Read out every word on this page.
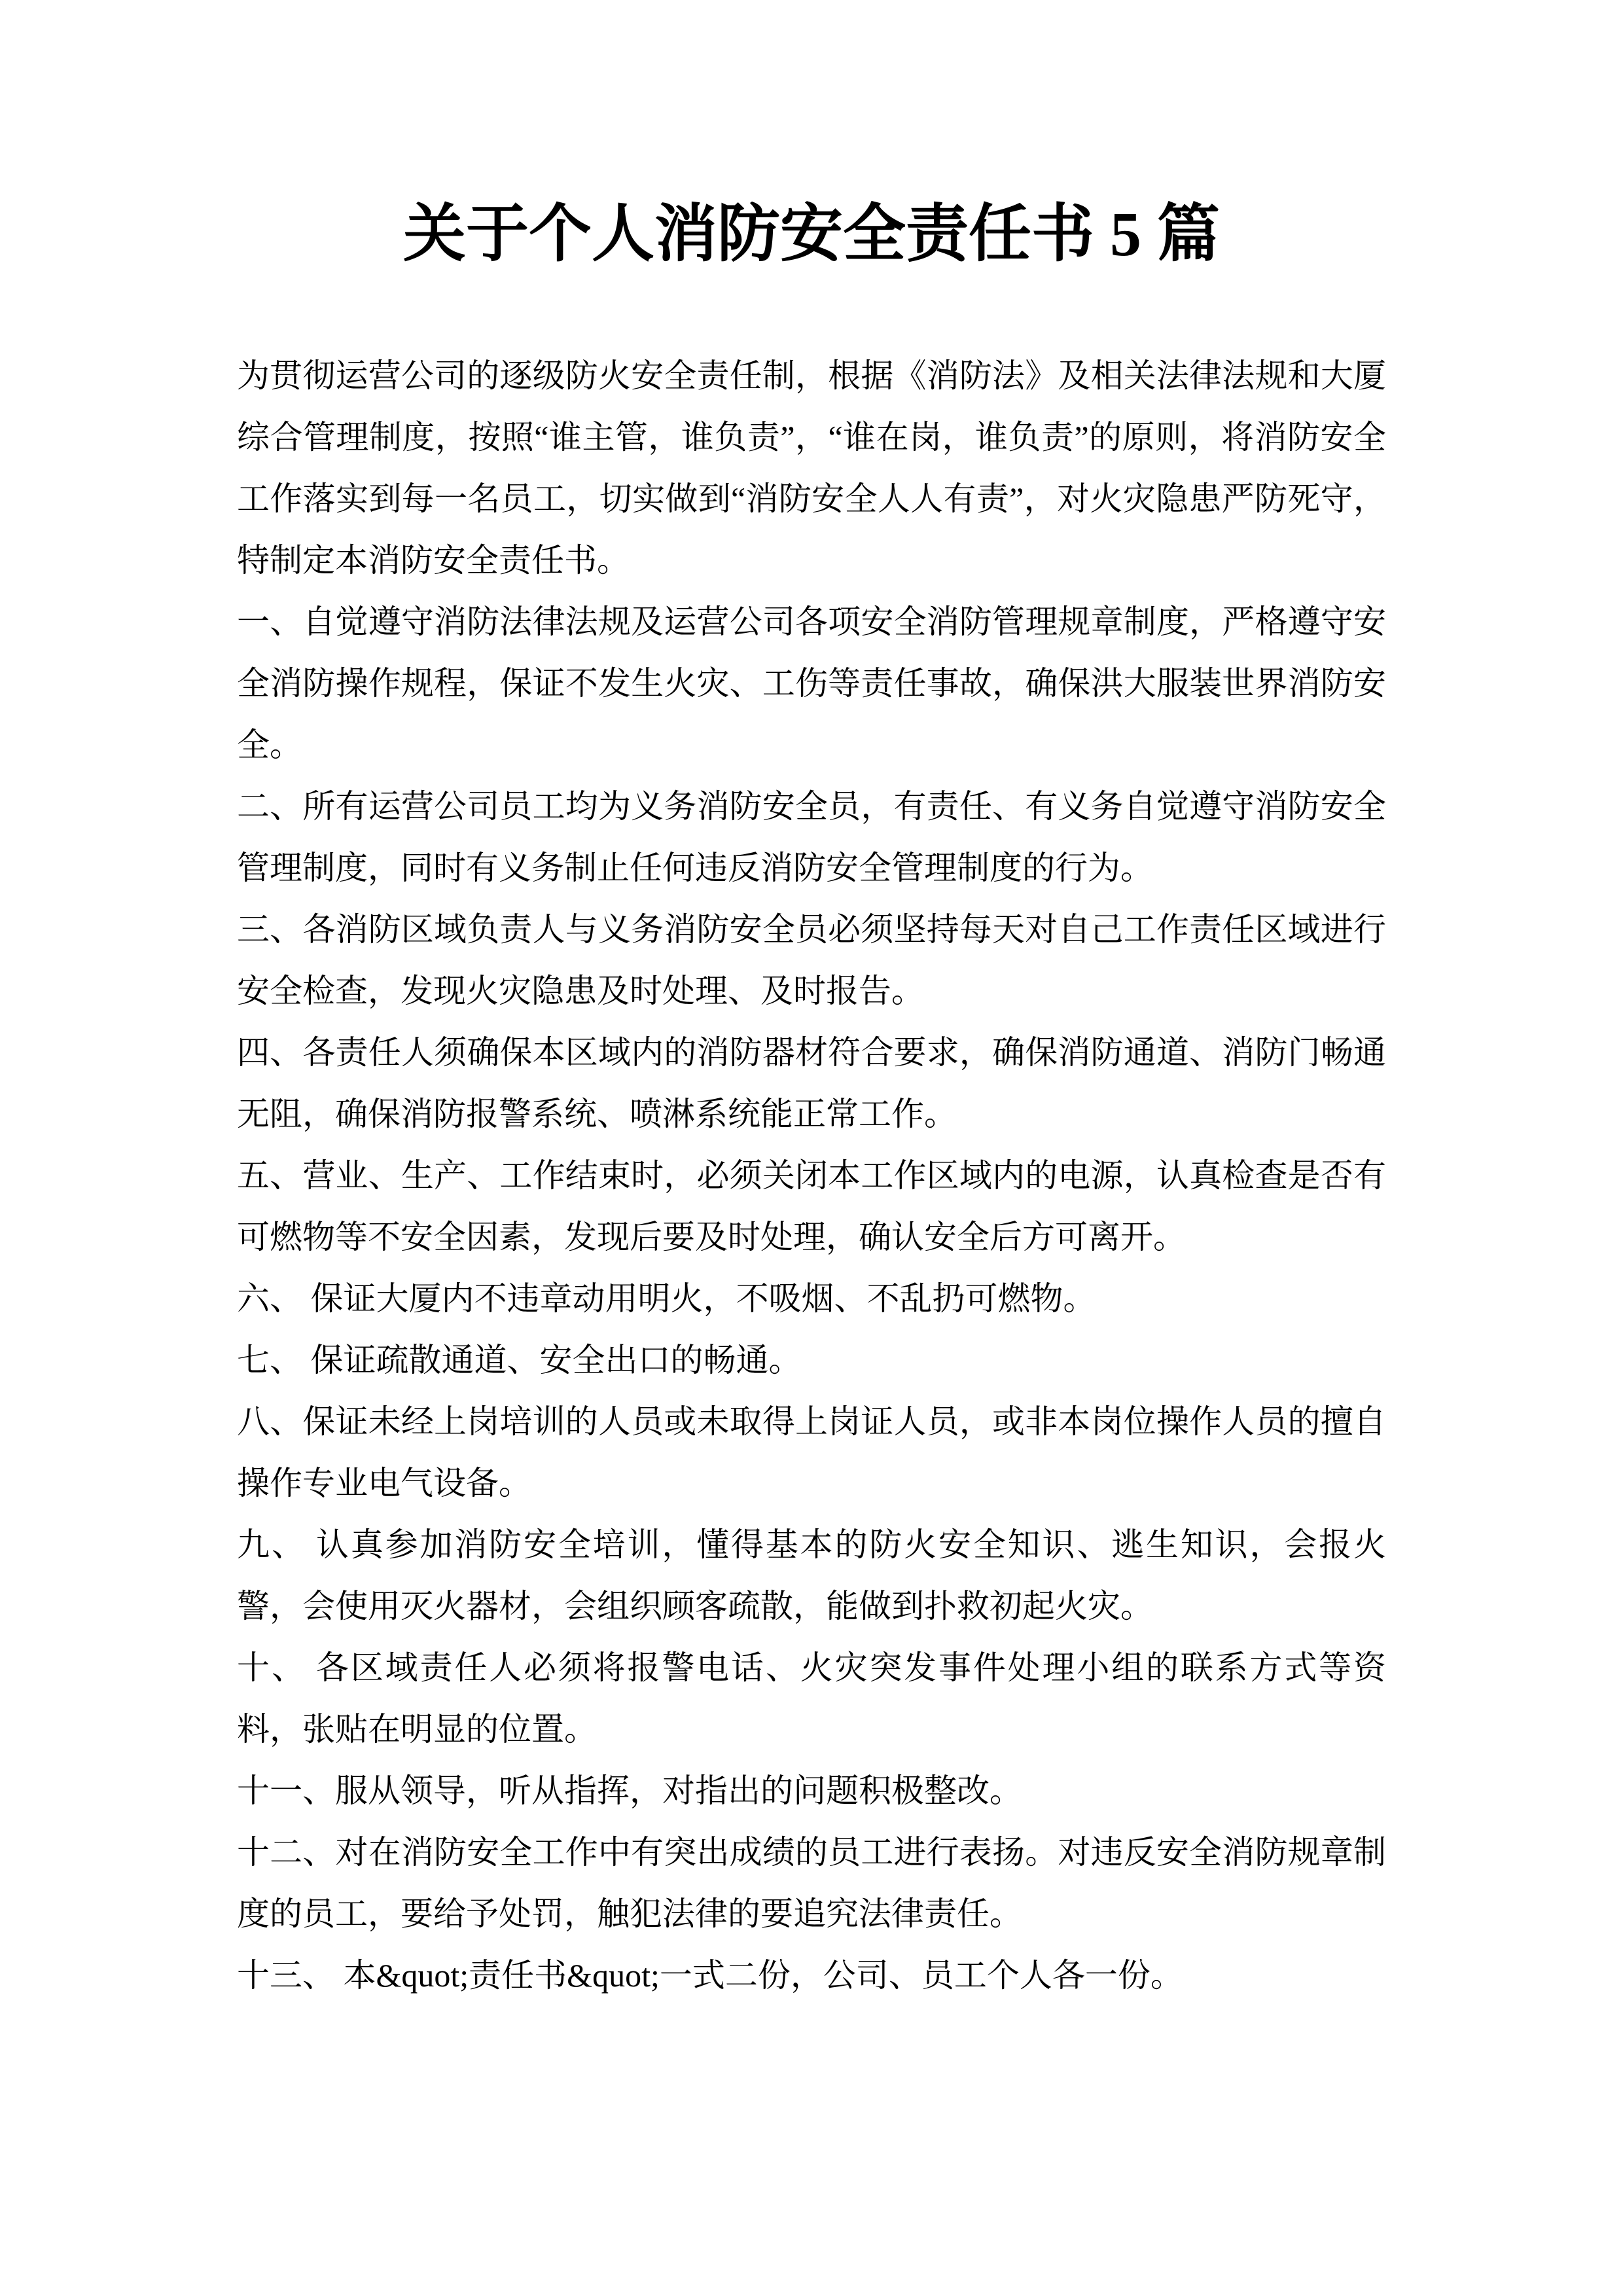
关于个人消防安全责任书 5 篇

为贯彻运营公司的逐级防火安全责任制，根据《消防法》及相关法律法规和大厦综合管理制度，按照“谁主管，谁负责”，“谁在岗，谁负责”的原则，将消防安全工作落实到每一名员工，切实做到“消防安全人人有责”，对火灾隐患严防死守，特制定本消防安全责任书。

一、自觉遵守消防法律法规及运营公司各项安全消防管理规章制度，严格遵守安全消防操作规程，保证不发生火灾、工伤等责任事故，确保洪大服装世界消防安全。

二、所有运营公司员工均为义务消防安全员，有责任、有义务自觉遵守消防安全管理制度，同时有义务制止任何违反消防安全管理制度的行为。

三、各消防区域负责人与义务消防安全员必须坚持每天对自己工作责任区域进行安全检查，发现火灾隐患及时处理、及时报告。

四、各责任人须确保本区域内的消防器材符合要求，确保消防通道、消防门畅通无阻，确保消防报警系统、喷淋系统能正常工作。

五、营业、生产、工作结束时，必须关闭本工作区域内的电源，认真检查是否有可燃物等不安全因素，发现后要及时处理，确认安全后方可离开。

六、 保证大厦内不违章动用明火，不吸烟、不乱扔可燃物。

七、 保证疏散通道、安全出口的畅通。

八、保证未经上岗培训的人员或未取得上岗证人员，或非本岗位操作人员的擅自操作专业电气设备。

九、 认真参加消防安全培训，懂得基本的防火安全知识、逃生知识，会报火警，会使用灭火器材，会组织顾客疏散，能做到扑救初起火灾。

十、 各区域责任人必须将报警电话、火灾突发事件处理小组的联系方式等资料，张贴在明显的位置。

十一、服从领导，听从指挥，对指出的问题积极整改。

十二、对在消防安全工作中有突出成绩的员工进行表扬。对违反安全消防规章制度的员工，要给予处罚，触犯法律的要追究法律责任。

十三、 本&quot;责任书&quot;一式二份，公司、员工个人各一份。
